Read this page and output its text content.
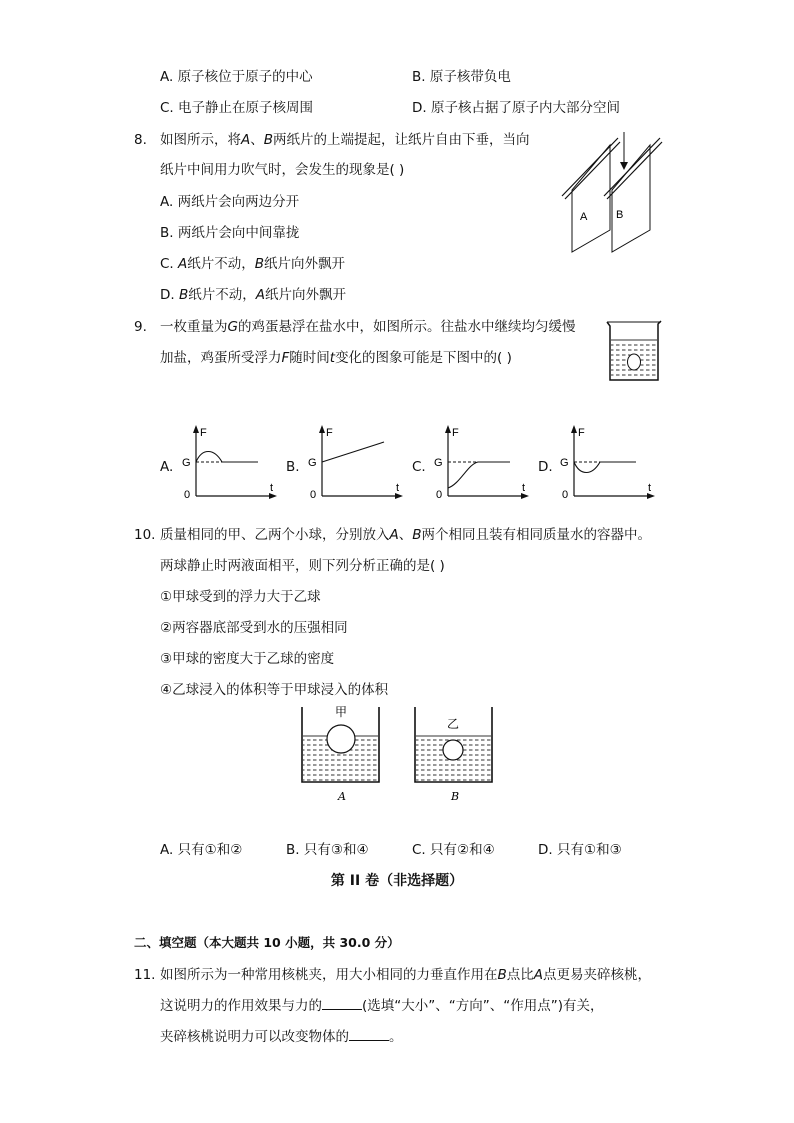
A. 原子核位于原子的中心	B. 原子核带负电
C. 电子静止在原子核周围	D. 原子核占据了原子内大部分空间
8. 如图所示，将A、B两纸片的上端提起，让纸片自由下垂，当向
纸片中间用力吹气时，会发生的现象是( )
A. 两纸片会向两边分开
B. 两纸片会向中间靠拢
C. A纸片不动，B纸片向外飘开
D. B纸片不动，A纸片向外飘开
A	B
9. 一枚重量为G的鸡蛋悬浮在盐水中，如图所示。往盐水中继续均匀缓慢
加盐，鸡蛋所受浮力F随时间t变化的图象可能是下图中的( )
A.
F
G
0
t
B.
F
G
0
t
C.
F
G
0
t
D.
F
G
0
t
10. 质量相同的甲、乙两个小球，分别放入A、B两个相同且装有相同质量水的容器中。
两球静止时两液面相平，则下列分析正确的是( )
①甲球受到的浮力大于乙球
②两容器底部受到水的压强相同
③甲球的密度大于乙球的密度
④乙球浸入的体积等于甲球浸入的体积
甲
A
乙
B
A. 只有①和②	B. 只有③和④	C. 只有②和④	D. 只有①和③
第 II 卷（非选择题）
二、填空题（本大题共 10 小题，共 30.0 分）
11. 如图所示为一种常用核桃夹，用大小相同的力垂直作用在B点比A点更易夹碎核桃，
这说明力的作用效果与力的	(选填“大小”、“方向”、“作用点”)有关，
夹碎核桃说明力可以改变物体的	。
